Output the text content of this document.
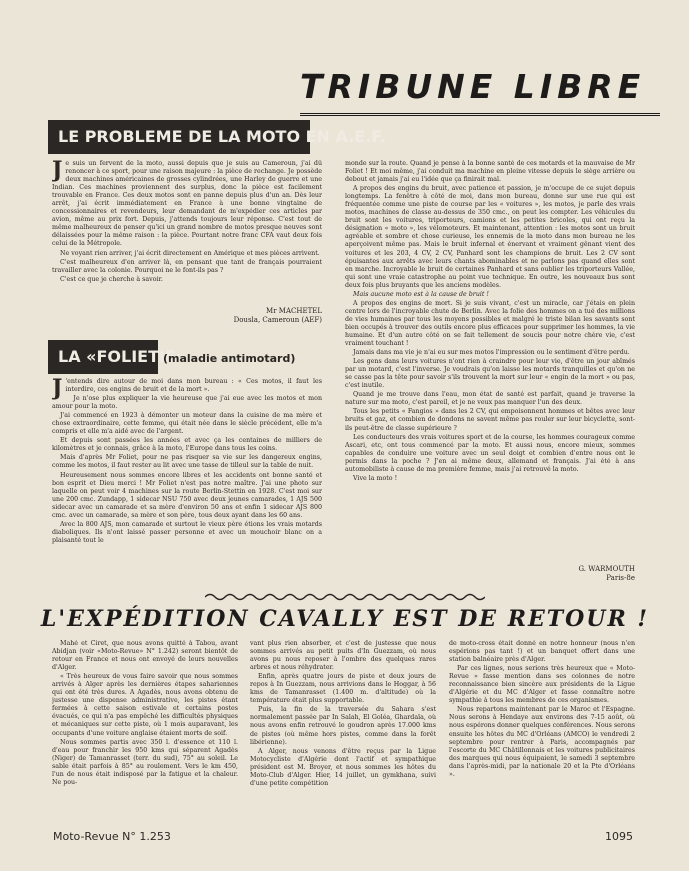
TRIBUNE LIBRE
LE PROBLEME DE LA MOTO EN A.E.F.
J e suis un fervent de la moto, aussi depuis que je suis au Cameroun, j'ai dû renoncer à ce sport, pour une raison majeure : la pièce de rechange. Je possède deux machines américaines de grosses cylindrées, une Harley de guerre et une Indian. Ces machines proviennent des surplus, donc la pièce est facilement trouvable en France. Ces deux motos sont en panne depuis plus d'un an. Dès leur arrêt, j'ai écrit immédiatement en France à une bonne vingtaine de concessionnaires et revendeurs, leur demandant de m'expédier ces articles par avion, même au prix fort. Depuis, j'attends toujours leur réponse. C'est tout de même malheureux de penser qu'ici un grand nombre de motos presque neuves sont délaissées pour la même raison : la pièce. Pourtant notre franc CFA vaut deux fois celui de la Métropole.

Ne voyant rien arriver, j'ai écrit directement en Amérique et mes pièces arrivent.

C'est malheureux d'en arriver là, en pensant que tant de français pourraient travailler avec la colonie. Pourquoi ne le font-ils pas ?

C'est ce que je cherche à savoir.

Mr MACHETEL
Dousla, Cameroun (AEF)
LA «FOLIETIE»
(maladie antimotard)
J 'entends dire autour de moi dans mon bureau : « Ces motos, il faut les interdire, ces engins de bruit et de la mort ».

Je n'ose plus expliquer la vie heureuse que j'ai eue avec les motos et mon amour pour la moto.

J'ai commencé en 1923 à démonter un moteur dans la cuisine de ma mère et chose extraordinaire, cette femme, qui était née dans le siècle précédent, elle m'a compris et elle m'a aidé avec de l'argent.

Et depuis sont passées les années et avec ça les centaines de milliers de kilomètres et je connais, grâce à la moto, l'Europe dans tous les coins.

Mais d'après Mr Foliet, pour ne pas risquer sa vie sur les dangereux engins, comme les motos, il faut rester au lit avec une tasse de tilleul sur la table de nuit.

Heureusement nous sommes encore libres et les accidents ont bonne santé et bon esprit et Dieu merci ! Mr Foliet n'est pas notre maître. J'ai une photo sur laquelle on peut voir 4 machines sur la route Berlin-Stettin en 1928. C'est moi sur une 200 cmc. Zundapp, 1 sidecar NSU 750 avec deux jeunes camarades, 1 AJS 500 sidecar avec un camarade et sa mère d'environ 50 ans et enfin 1 sidecar AJS 800 cmc. avec un camarade, sa mère et son père, tous deux ayant dans les 60 ans.

Avec la 800 AJS, mon camarade et surtout le vieux père étions les vrais motards diaboliques. Ils n'ont laissé passer personne et avec un mouchoir blanc on a plaisanté tout le

monde sur la route. Quand je pense à la bonne santé de ces motards et la mauvaise de Mr Foliet ! Et moi même, j'ai conduit ma machine en pleine vitesse depuis le siège arrière ou debout et jamais j'ai eu l'idée que ça finirait mal.

A propos des engins du bruit, avec patience et passion, je m'occupe de ce sujet depuis longtemps. La fenêtre à côté de moi, dans mon bureau, donne sur une rue qui est fréquentée comme une piste de course par les « voitures », les motos, je parle des vrais motos, machines de classe au-dessus de 350 cmc., on peut les compter. Les véhicules du bruit sont les voitures, triporteurs, camions et les petites bricoles, qui ont reçu la désignation « moto », les vélomoteurs. Et maintenant, attention : les motos sont un bruit agréable et sombre et chose curieuse, les ennemis de la moto dans mon bureau ne les aperçoivent même pas. Mais le bruit infernal et énervant et vraiment gênant vient des voitures et les 203, 4 CV, 2 CV, Panhard sont les champions de bruit. Les 2 CV sont épuisantes aux arrêts avec leurs chants abominables et ne parlons pas quand elles sont en marche. Incroyable le bruit de certaines Panhard et sans oublier les triporteurs Vallée, qui sont une vraie catastrophe au point vue technique. En outre, les nouveaux bus sont deux fois plus bruyants que les anciens modèles.

Mais aucune moto est à la cause de bruit !

A propos des engins de mort. Si je suis vivant, c'est un miracle, car j'étais en plein centre lors de l'incroyable chute de Berlin. Avec la folie des hommes on a tué des millions de vies humaines par tous les moyens possibles et malgré le triste bilan les savants sont bien occupés à trouver des outils encore plus efficaces pour supprimer les hommes, la vie humaine. Et d'un autre côté on se fait tellement de soucis pour notre chère vie, c'est vraiment touchant !

Jamais dans ma vie je n'ai eu sur mes motos l'impression ou le sentiment d'être perdu.

Les gens dans leurs voitures n'ont rien à craindre pour leur vie, d'être un jour abîmés par un motard, c'est l'inverse. Je voudrais qu'on laisse les motards tranquilles et qu'on ne se casse pas la tête pour savoir s'ils trouvent la mort sur leur « engin de la mort » ou pas, c'est inutile.

Quand je me trouve dans l'eau, mon état de santé est parfait, quand je traverse la nature sur ma moto, c'est pareil, et je ne veux pas manquer l'un des deux.

Tous les petits « Fangios » dans les 2 CV, qui empoisonnent hommes et bêtes avec leur bruits et gaz, et combien de dondons ne savent même pas rouler sur leur bicyclette, sont-ils peut-être de classe supérieure ?

Les conducteurs des vrais voitures sport et de la course, les hommes courageux comme Ascari, etc, ont tous commencé par la moto. Et aussi nous, encore mieux, sommes capables de conduire une voiture avec un seul doigt et combien d'entre nous ont le permis dans la poche ? J'en ai même deux, allemand et français. J'ai été à ans automobiliste à cause de ma première femme, mais j'ai retrouvé la moto.

Vive la moto !

G. WARMOUTH
Paris-8e
L'EXPÉDITION CAVALLY EST DE RETOUR !

Mahé et Ciret, que nous avons quitté à Tabou, avant Abidjan (voir «Moto-Revue» N° 1.242) seront bientôt de retour en France et nous ont envoyé de leurs nouvelles d'Alger.

« Très heureux de vous faire savoir que nous sommes arrivés à Alger après les dernières étapes sahariennes qui ont été très dures. A Agadès, nous avons obtenu de justesse une dispense administrative, les pistes étant fermées à cette saison estivale et certains postes évacués, ce qui n'a pas empêché les difficultés physiques et mécaniques sur cette piste, où 1 mois auparavant, les occupants d'une voiture anglaise étaient morts de soif.

Nous sommes partis avec 350 l. d'essence et 110 l. d'eau pour franchir les 950 kms qui séparent Agadès (Niger) de Tamanrasset (terr. du sud), 75° au soleil. Le sable était parfois à 85° au roulement. Vers le km 450, l'un de nous était indisposé par la fatigue et la chaleur. Ne pou-

vant plus rien absorber, et c'est de justesse que nous sommes arrivés au petit puits d'In Guezzam, où nous avons pu nous reposer à l'ombre des quelques rares arbres et nous réhydrater.

Enfin, après quatre jours de piste et deux jours de repos à In Guezzam, nous arrivions dans le Hoggar, à 56 kms de Tamanrasset (1.400 m. d'altitude) où la température était plus supportable.

Puis, la fin de la traversée du Sahara s'est normalement passée par In Salah, El Goléa, Ghardaïa, où nous avons enfin retrouvé le goudron après 17.000 kms de pistes (où même hors pistes, comme dans la forêt libérienne).

A Alger, nous venons d'être reçus par la Ligue Motocycliste d'Algérie dont l'actif et sympathique président est M. Broyer, et nous sommes les hôtes du Moto-Club d'Alger. Hier, 14 juillet, un gymkhana, suivi d'une petite compétition

de moto-cross était donné en notre honneur (nous n'en espérions pas tant !) et un banquet offert dans une station balnéaire près d'Alger.

Par ces lignes, nous serions très heureux que « Moto-Revue » fasse mention dans ses colonnes de notre reconnaissance bien sincère aux présidents de la Ligue d'Algérie et du MC d'Alger et fasse connaître notre sympathie à tous les membres de ces organismes.

Nous repartons maintenant par le Maroc et l'Espagne. Nous serons à Hendaye aux environs des 7-15 août, où nous espérons donner quelques conférences. Nous serons ensuite les hôtes du MC d'Orléans (AMCO) le vendredi 2 septembre pour rentrer à Paris, accompagnés par l'escorte du MC Châtillonnais et les voitures publicitaires des marques qui nous équipaient, le samedi 3 septembre dans l'après-midi, par la nationale 20 et la Pte d'Orléans ».

Moto-Revue N° 1.253	1095
